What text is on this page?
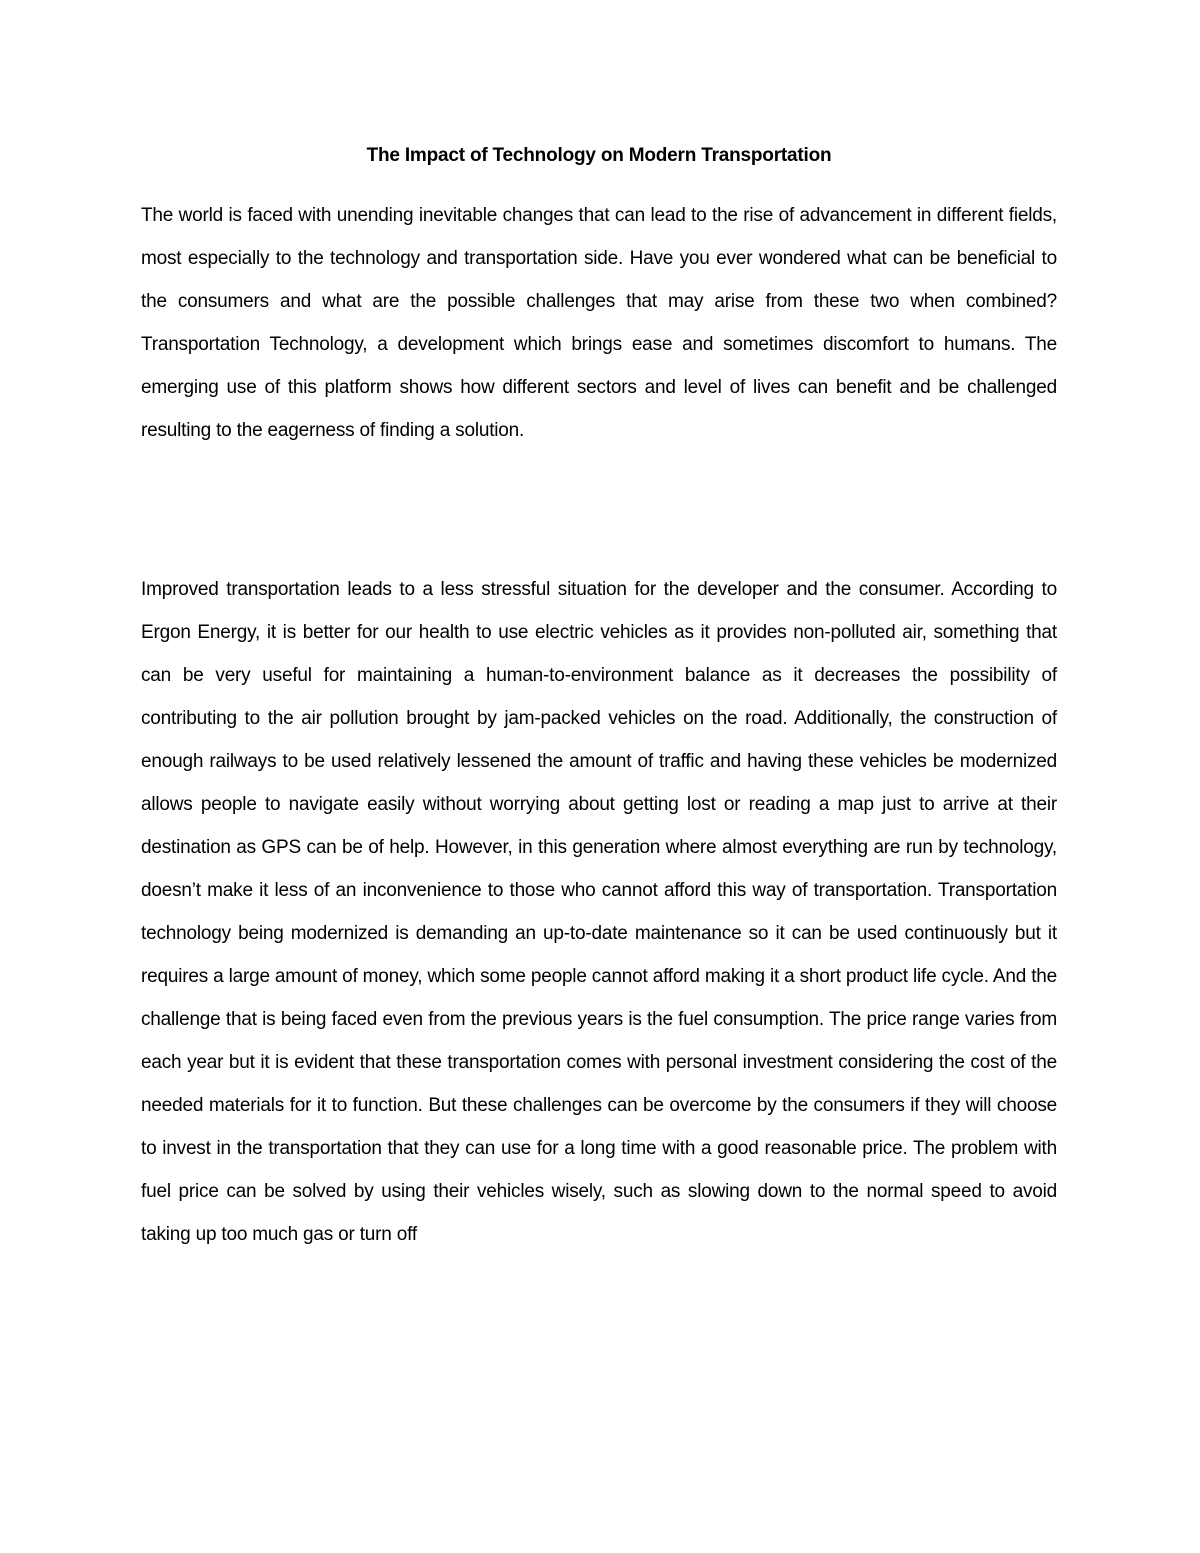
The Impact of Technology on Modern Transportation

The world is faced with unending inevitable changes that can lead to the rise of advancement in different fields, most especially to the technology and transportation side. Have you ever wondered what can be beneficial to the consumers and what are the possible challenges that may arise from these two when combined? Transportation Technology, a development which brings ease and sometimes discomfort to humans. The emerging use of this platform shows how different sectors and level of lives can benefit and be challenged resulting to the eagerness of finding a solution.

Improved transportation leads to a less stressful situation for the developer and the consumer. According to Ergon Energy, it is better for our health to use electric vehicles as it provides non-polluted air, something that can be very useful for maintaining a human-to-environment balance as it decreases the possibility of contributing to the air pollution brought by jam-packed vehicles on the road. Additionally, the construction of enough railways to be used relatively lessened the amount of traffic and having these vehicles be modernized allows people to navigate easily without worrying about getting lost or reading a map just to arrive at their destination as GPS can be of help. However, in this generation where almost everything are run by technology, doesn’t make it less of an inconvenience to those who cannot afford this way of transportation. Transportation technology being modernized is demanding an up-to-date maintenance so it can be used continuously but it requires a large amount of money, which some people cannot afford making it a short product life cycle. And the challenge that is being faced even from the previous years is the fuel consumption. The price range varies from each year but it is evident that these transportation comes with personal investment considering the cost of the needed materials for it to function. But these challenges can be overcome by the consumers if they will choose to invest in the transportation that they can use for a long time with a good reasonable price. The problem with fuel price can be solved by using their vehicles wisely, such as slowing down to the normal speed to avoid taking up too much gas or turn off
